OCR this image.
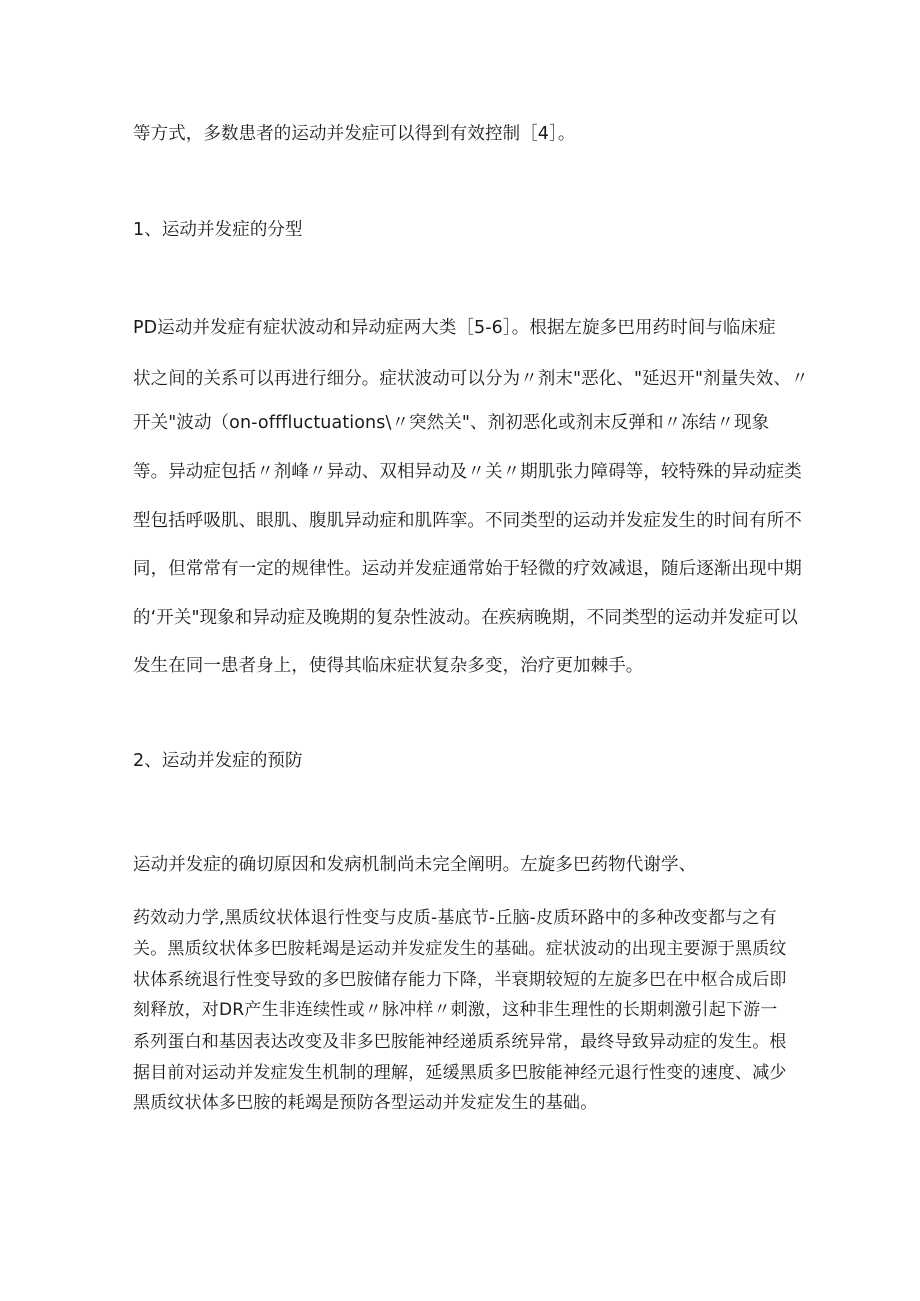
等方式，多数患者的运动并发症可以得到有效控制［4］。
1、运动并发症的分型
PD运动并发症有症状波动和异动症两大类［5-6］。根据左旋多巴用药时间与临床症
状之间的关系可以再进行细分。症状波动可以分为〃剂末"恶化、"延迟开"剂量失效、〃
开关"波动（on-offfluctuations\〃突然关"、剂初恶化或剂末反弹和〃冻结〃现象
等。异动症包括〃剂峰〃异动、双相异动及〃关〃期肌张力障碍等，较特殊的异动症类
型包括呼吸肌、眼肌、腹肌异动症和肌阵挛。不同类型的运动并发症发生的时间有所不
同，但常常有一定的规律性。运动并发症通常始于轻微的疗效减退，随后逐渐出现中期
的‘开关"现象和异动症及晚期的复杂性波动。在疾病晚期，不同类型的运动并发症可以
发生在同一患者身上，使得其临床症状复杂多变，治疗更加棘手。
2、运动并发症的预防
运动并发症的确切原因和发病机制尚未完全阐明。左旋多巴药物代谢学、
药效动力学,黑质纹状体退行性变与皮质-基底节-丘脑-皮质环路中的多种改变都与之有
关。黑质纹状体多巴胺耗竭是运动并发症发生的基础。症状波动的出现主要源于黑质纹
状体系统退行性变导致的多巴胺储存能力下降，半衰期较短的左旋多巴在中枢合成后即
刻释放，对DR产生非连续性或〃脉冲样〃刺激，这种非生理性的长期刺激引起下游一
系列蛋白和基因表达改变及非多巴胺能神经递质系统异常，最终导致异动症的发生。根
据目前对运动并发症发生机制的理解，延缓黑质多巴胺能神经元退行性变的速度、减少
黑质纹状体多巴胺的耗竭是预防各型运动并发症发生的基础。
